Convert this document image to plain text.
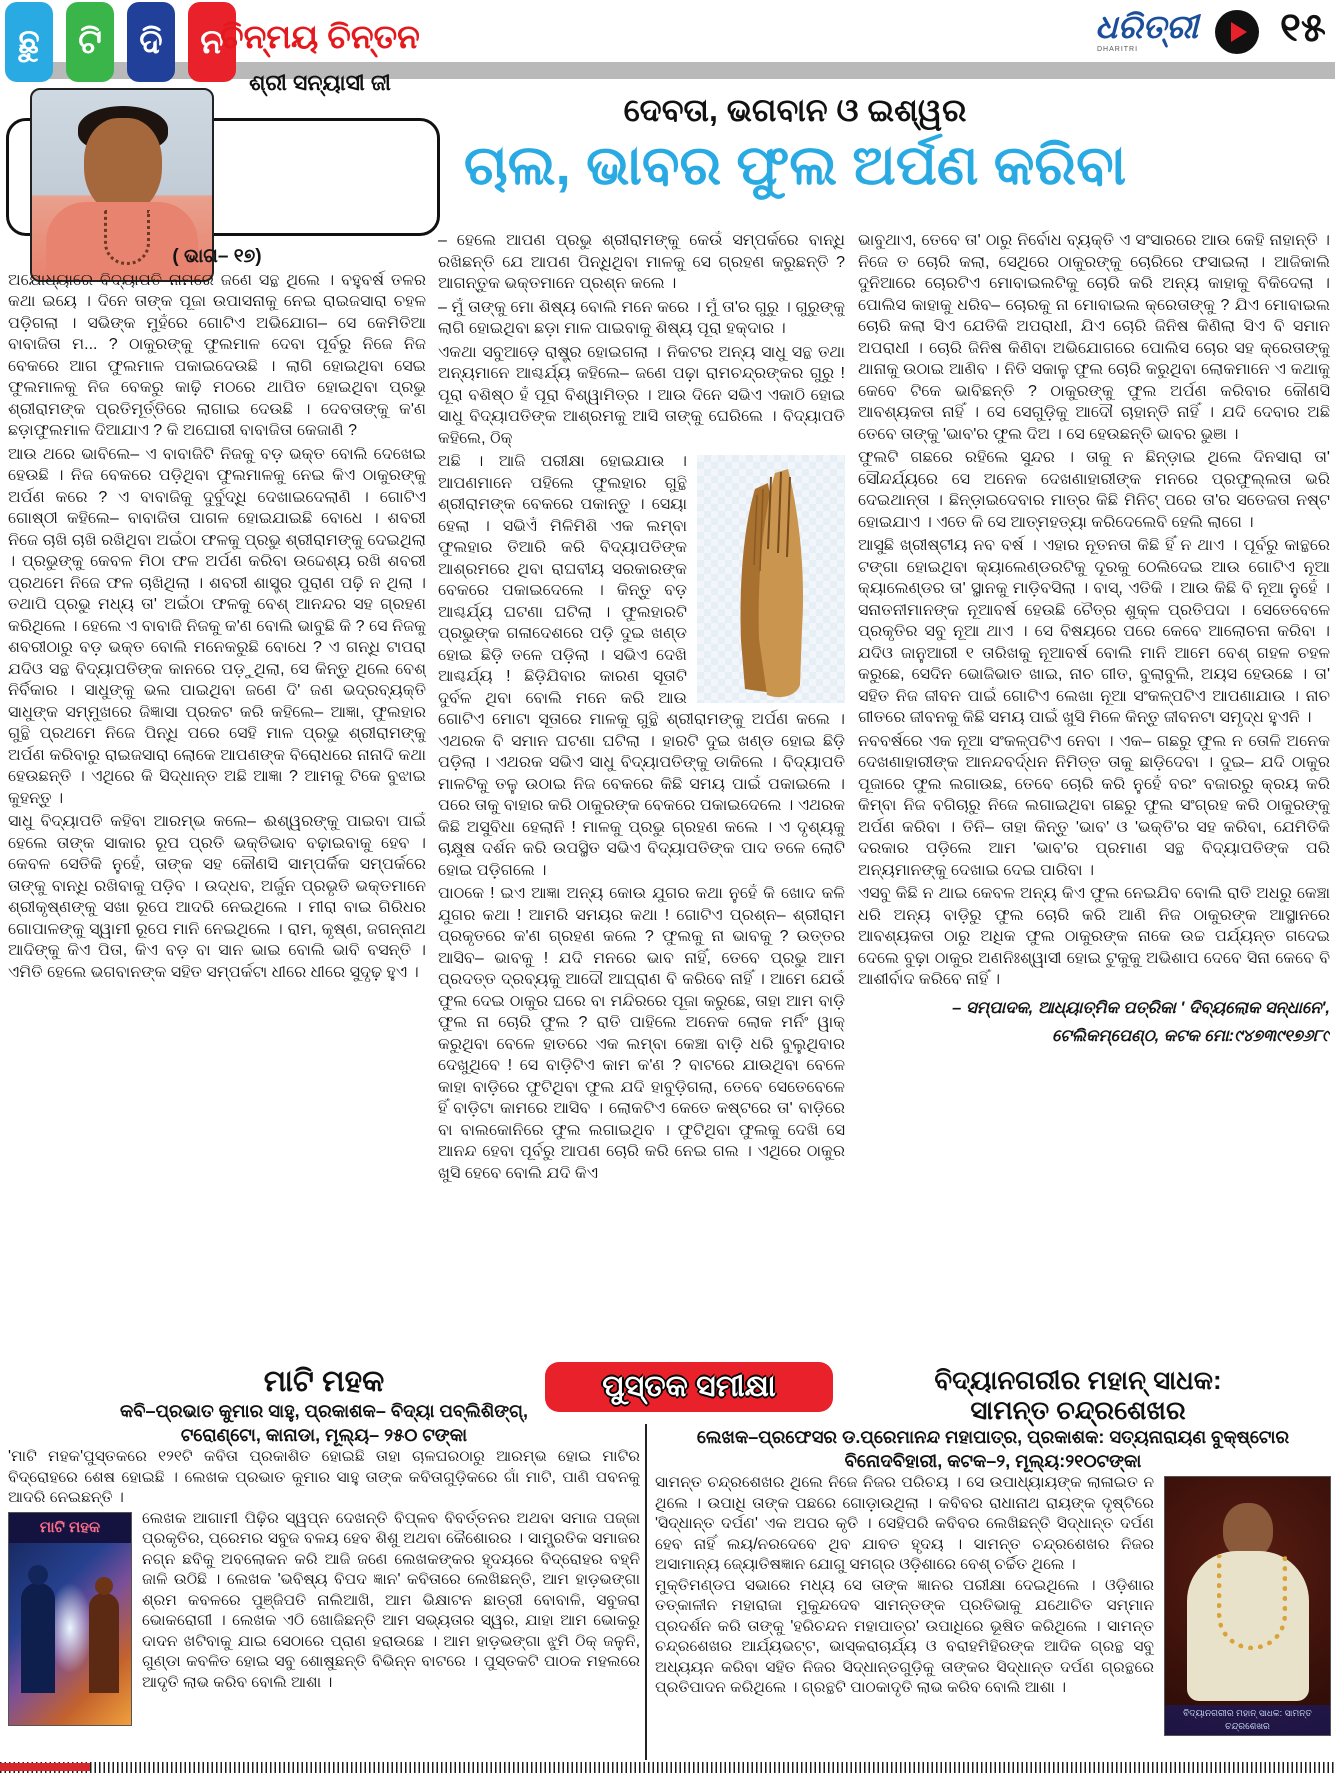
ଛୁ ଟି ଦି ନ	ଧରିତ୍ରୀ
DHARITRI	୧୫
ଚିନ୍ମୟ ଚିନ୍ତନ
ଶ୍ରୀ ସନ୍ୟାସୀ ଜୀ
ଦେବତା, ଭଗବାନ ଓ ଇଶ୍ୱର
ଚାଲ, ଭାବର ଫୁଲ ଅର୍ପଣ କରିବା

( ଭାଗ– ୧୭)

ଅଯୋଧ୍ୟାରେ ବିଦ୍ୟାପତି ନାମରେ ଜଣେ ସନ୍ଥ ଥିଲେ । ବହୁବର୍ଷ ତଳର କଥା ଇୟେ । ଦିନେ ତାଙ୍କ ପୂଜା ଉପାସନାକୁ ନେଇ ରାଇଜସାରା ଚହଳ ପଡ଼ିଗଲା । ସଭିଙ୍କ ମୁହଁରେ ଗୋଟିଏ ଅଭିଯୋଗ– ସେ କେମିତିଆ ବାବାଜିତା ମ... ? ଠାକୁରଙ୍କୁ ଫୁଲମାଳ ଦେବା ପୂର୍ବରୁ ନିଜେ ନିଜ ବେକରେ ଆଗ ଫୁଲମାଳ ପକାଇଦେଉଛି । ଲାଗି ହୋଇଥିବା ସେଇ ଫୁଲମାଳକୁ ନିଜ ବେକରୁ କାଢ଼ି ମଠରେ ଥାପିତ ହୋଇଥିବା ପ୍ରଭୁ ଶ୍ରୀରାମଙ୍କ ପ୍ରତିମୂର୍ତ୍ତିରେ ଲାଗାଇ ଦେଉଛି । ଦେବତାଙ୍କୁ କ'ଣ ଛଡ଼ାଫୁଲମାଳ ଦିଆଯାଏ ? କି ଅଘୋରୀ ବାବାଜିତା କେଜାଣି ?

ଆଉ ଥରେ ଭାବିଲେ– ଏ ବାବାଜିଟି ନିଜକୁ ବଡ଼ ଭକ୍ତ ବୋଲି ଦେଖେଇ ହେଉଛି । ନିଜ ବେକରେ ପଡ଼ିଥିବା ଫୁଲମାଳକୁ ନେଇ କିଏ ଠାକୁରଙ୍କୁ ଅର୍ପଣ କରେ ? ଏ ବାବାଜିକୁ ଦୁର୍ବୁଦ୍ଧି ଦେଖାଇଦେଲାଣି । ଗୋଟିଏ ଗୋଷ୍ଠୀ କହିଲେ– ବାବାଜିତା ପାଗଳ ହୋଇଯାଇଛି ବୋଧେ । ଶବରୀ ନିଜେ ଚାଖି ଚାଖି ରଖିଥିବା ଅଇଁଠା ଫଳକୁ ପ୍ରଭୁ ଶ୍ରୀରାମଙ୍କୁ ଦେଇଥିଲା । ପ୍ରଭୁଙ୍କୁ କେବଳ ମିଠା ଫଳ ଅର୍ପଣ କରିବା ଉଦ୍ଦେଶ୍ୟ ରଖି ଶବରୀ ପ୍ରଥମେ ନିଜେ ଫଳ ଚାଖିଥିଲା । ଶବରୀ ଶାସ୍ତ୍ର ପୁରାଣ ପଢ଼ି ନ ଥିଲା । ତଥାପି ପ୍ରଭୁ ମଧ୍ୟ ତା' ଅଇଁଠା ଫଳକୁ ବେଶ୍ ଆନନ୍ଦର ସହ ଗ୍ରହଣ କରିଥିଲେ । ହେଲେ ଏ ବାବାଜି ନିଜକୁ କ'ଣ ବୋଲି ଭାବୁଛି କି ? ସେ ନିଜକୁ ଶବରୀଠାରୁ ବଡ଼ ଭକ୍ତ ବୋଲି ମନେକରୁଛି ବୋଧେ ? ଏ ଗନ୍ଧି ଟାପରା ଯଦିଓ ସନ୍ଥ ବିଦ୍ୟାପତିଙ୍କ କାନରେ ପଡ଼ୁଥିଲା, ସେ କିନ୍ତୁ ଥିଲେ ବେଶ୍ ନିର୍ବିକାର । ସାଧୁଙ୍କୁ ଭଲ ପାଇଥିବା ଜଣେ ଦି' ଜଣ ଭଦ୍ରବ୍ୟକ୍ତି ସାଧୁଙ୍କ ସମ୍ମୁଖରେ ଜିଜ୍ଞାସା ପ୍ରକଟ କରି କହିଲେ– ଆଜ୍ଞା, ଫୁଲହାର ଗୁନ୍ଥି ପ୍ରଥମେ ନିଜେ ପିନ୍ଧି ପରେ ସେହି ମାଳ ପ୍ରଭୁ ଶ୍ରୀରାମଙ୍କୁ ଅର୍ପଣ କରିବାରୁ ରାଇଜସାରା ଲୋକେ ଆପଣଙ୍କ ବିରୋଧରେ ନାନାଦି କଥା ହେଉଛନ୍ତି । ଏଥିରେ କି ସିଦ୍ଧାନ୍ତ ଅଛି ଆଜ୍ଞା ? ଆମକୁ ଟିକେ ବୁଝାଇ କୁହନ୍ତୁ ।

ସାଧୁ ବିଦ୍ୟାପତି କହିବା ଆରମ୍ଭ କଲେ– ଈଶ୍ୱରଙ୍କୁ ପାଇବା ପାଇଁ ହେଲେ ତାଙ୍କ ସାକାର ରୂପ ପ୍ରତି ଭକ୍ତିଭାବ ବଢ଼ାଇବାକୁ ହେବ । କେବଳ ସେତିକି ନୁହେଁ, ତାଙ୍କ ସହ କୌଣସି ସାମ୍ପର୍କିକ ସମ୍ପର୍କରେ ତାଙ୍କୁ ବାନ୍ଧି ରଖିବାକୁ ପଡ଼ିବ । ଉଦ୍ଧବ, ଅର୍ଜୁନ ପ୍ରଭୃତି ଭକ୍ତମାନେ ଶ୍ରୀକୃଷ୍ଣଙ୍କୁ ସଖା ରୂପେ ଆଦରି ନେଇଥିଲେ । ମୀରା ବାଇ ଗିରିଧର ଗୋପାଳଙ୍କୁ ସ୍ୱାମୀ ରୂପେ ମାନି ନେଇଥିଲେ । ରାମ, କୃଷ୍ଣ, ଜଗନ୍ନାଥ ଆଦିଙ୍କୁ କିଏ ପିତା, କିଏ ବଡ଼ ବା ସାନ ଭାଇ ବୋଲି ଭାବି ବସନ୍ତି । ଏମିତି ହେଲେ ଭଗବାନଙ୍କ ସହିତ ସମ୍ପର୍କଟା ଧୀରେ ଧୀରେ ସୁଦୃଢ଼ ହୁଏ ।

– ହେଲେ ଆପଣ ପ୍ରଭୁ ଶ୍ରୀରାମଙ୍କୁ କେଉଁ ସମ୍ପର୍କରେ ବାନ୍ଧି ରଖିଛନ୍ତି ଯେ ଆପଣ ପିନ୍ଧିଥିବା ମାଳକୁ ସେ ଗ୍ରହଣ କରୁଛନ୍ତି ? ଆଗନ୍ତୁକ ଭକ୍ତମାନେ ପ୍ରଶ୍ନ କଲେ ।

– ମୁଁ ତାଙ୍କୁ ମୋ ଶିଷ୍ୟ ବୋଲି ମନେ କରେ । ମୁଁ ତା'ର ଗୁରୁ । ଗୁରୁଙ୍କୁ ଲାଗି ହୋଇଥିବା ଛଡ଼ା ମାଳ ପାଇବାକୁ ଶିଷ୍ୟ ପୂରା ହକ୍‌ଦାର ।

ଏକଥା ସବୁଆଡ଼େ ରାଷ୍ଟ୍ର ହୋଇଗଲା । ନିକଟର ଅନ୍ୟ ସାଧୁ ସନ୍ଥ ତଥା ଅନ୍ୟମାନେ ଆଶ୍ଚର୍ଯ୍ୟ କହିଲେ– ଜଣେ ପଢ଼ା ରାମଚନ୍ଦ୍ରଙ୍କର ଗୁରୁ ! ପୂରା ବଶିଷ୍ଠ ହଁ ପୂରା ବିଶ୍ୱାମିତ୍ର । ଆଉ ଦିନେ ସଭିଏ ଏକାଠି ହୋଇ ସାଧୁ ବିଦ୍ୟାପତିଙ୍କ ଆଶ୍ରମକୁ ଆସି ତାଙ୍କୁ ଘେରିଲେ । ବିଦ୍ୟାପତି କହିଲେ, ଠିକ୍

ଅଛି । ଆଜି ପରୀକ୍ଷା ହୋଇଯାଉ । ଆପଣମାନେ ପହିଲେ ଫୁଲହାର ଗୁନ୍ଥି ଶ୍ରୀରାମଙ୍କ ବେକରେ ପକାନ୍ତୁ । ସେୟା ହେଲା । ସଭିଏଁ ମିଳିମିଶି ଏକ ଲମ୍ବା ଫୁଲହାର ତିଆରି କରି ବିଦ୍ୟାପତିଙ୍କ ଆଶ୍ରମରେ ଥିବା ରାଘବୀୟ ସରକାରଙ୍କ ବେକରେ ପକାଇଦେଲେ । କିନ୍ତୁ ବଡ଼ ଆଶ୍ଚର୍ଯ୍ୟ ଘଟଣା ଘଟିଲା । ଫୁଲହାରଟି ପ୍ରଭୁଙ୍କ ଗଳାଦେଶରେ ପଡ଼ି ଦୁଇ ଖଣ୍ଡ ହୋଇ ଛିଡ଼ି ତଳେ ପଡ଼ିଲା । ସଭିଏ ଦେଖି ଆଶ୍ଚର୍ଯ୍ୟ ! ଛିଡ଼ିଯିବାର କାରଣ ସୂତାଟି ଦୁର୍ବଳ ଥିବା ବୋଲି ମନେ କରି ଆଉ ଗୋଟିଏ ମୋଟା ସୂତାରେ ମାଳକୁ ଗୁନ୍ଥି ଶ୍ରୀରାମଙ୍କୁ ଅର୍ପଣ କଲେ । ଏଥରକ ବି ସମାନ ଘଟଣା ଘଟିଲା । ହାରଟି ଦୁଇ ଖଣ୍ଡ ହୋଇ ଛିଡ଼ି ପଡ଼ିଲା । ଏଥରକ ସଭିଏ ସାଧୁ ବିଦ୍ୟାପତିଙ୍କୁ ଡାକିଲେ । ବିଦ୍ୟାପତି ମାଳଟିକୁ ତଳୁ ଉଠାଇ ନିଜ ବେକରେ କିଛି ସମୟ ପାଇଁ ପକାଇଲେ । ପରେ ତାକୁ ବାହାର କରି ଠାକୁରଙ୍କ ବେକରେ ପକାଇଦେଲେ । ଏଥରକ କିଛି ଅସୁବିଧା ହେଲାନି ! ମାଳକୁ ପ୍ରଭୁ ଗ୍ରହଣ କଲେ । ଏ ଦୃଶ୍ୟକୁ ଚାକ୍ଷୁଷ ଦର୍ଶନ କରି ଉପସ୍ଥିତ ସଭିଏ ବିଦ୍ୟାପତିଙ୍କ ପାଦ ତଳେ ଲୋଟି ହୋଇ ପଡ଼ିଗଲେ ।

ପାଠକେ ! ଇଏ ଆଜ୍ଞା ଅନ୍ୟ କୋଉ ଯୁଗର କଥା ନୁହେଁ କି ଖୋଦ କଳି ଯୁଗର କଥା ! ଆମରି ସମୟର କଥା ! ଗୋଟିଏ ପ୍ରଶ୍ନ– ଶ୍ରୀରାମ ପ୍ରକୃତରେ କ'ଣ ଗ୍ରହଣ କଲେ ? ଫୁଲକୁ ନା ଭାବକୁ ? ଉତ୍ତର ଆସିବ– ଭାବକୁ ! ଯଦି ମନରେ ଭାବ ନାହିଁ, ତେବେ ପ୍ରଭୁ ଆମ ପ୍ରଦତ୍ତ ଦ୍ରବ୍ୟକୁ ଆଦୌ ଆଘ୍ରାଣ ବି କରିବେ ନାହିଁ । ଆମେ ଯେଉଁ ଫୁଲ ଦେଇ ଠାକୁର ଘରେ ବା ମନ୍ଦିରରେ ପୂଜା କରୁଛେ, ତାହା ଆମ ବାଡ଼ି ଫୁଲ ନା ଚୋରି ଫୁଲ ? ରାତି ପାହିଲେ ଅନେକ ଲୋକ ମର୍ନିଂ ୱାକ୍ କରୁଥିବା ବେଳେ ହାତରେ ଏକ ଲମ୍ବା କେଞ୍ଚା ବାଡ଼ି ଧରି ବୁଲୁଥିବାର ଦେଖୁଥିବେ ! ସେ ବାଡ଼ିଟିଏ କାମ କ'ଣ ? ବାଟରେ ଯାଉଥିବା ବେଳେ କାହା ବାଡ଼ିରେ ଫୁଟିଥିବା ଫୁଲ ଯଦି ହାବୁଡ଼ିଗଲା, ତେବେ ସେତେବେଳେ ହିଁ ବାଡ଼ିଟା କାମରେ ଆସିବ । ଲୋକଟିଏ କେତେ କଷ୍ଟରେ ତା' ବାଡ଼ିରେ ବା ବାଲକୋନିରେ ଫୁଲ ଲଗାଇଥିବ । ଫୁଟିଥିବା ଫୁଲକୁ ଦେଖି ସେ ଆନନ୍ଦ ହେବା ପୂର୍ବରୁ ଆପଣ ଚୋରି କରି ନେଇ ଗଲ । ଏଥିରେ ଠାକୁର ଖୁସି ହେବେ ବୋଲି ଯଦି କିଏ

ଭାବୁଥାଏ, ତେବେ ତା' ଠାରୁ ନିର୍ବୋଧ ବ୍ୟକ୍ତି ଏ ସଂସାରରେ ଆଉ କେହି ନାହାନ୍ତି । ନିଜେ ତ ଚୋରି କଲା, ସେଥିରେ ଠାକୁରଙ୍କୁ ଚୋରିରେ ଫସାଇଲା । ଆଜିକାଲି ଦୁନିଆରେ ଚୋରଟିଏ ମୋବାଇଲଟିକୁ ଚୋରି କରି ଅନ୍ୟ କାହାକୁ ବିକିଦେଲା । ପୋଲିସ କାହାକୁ ଧରିବ– ଚୋରକୁ ନା ମୋବାଇଲ କ୍ରେତାଙ୍କୁ ? ଯିଏ ମୋବାଇଲ ଚୋରି କଲା ସିଏ ଯେତିକି ଅପରାଧୀ, ଯିଏ ଚୋରି ଜିନିଷ କିଣିଲା ସିଏ ବି ସମାନ ଅପରାଧୀ । ଚୋରି ଜିନିଷ କିଣିବା ଅଭିଯୋଗରେ ପୋଲିସ ଚୋର ସହ କ୍ରେତାଙ୍କୁ ଥାନାକୁ ଉଠାଇ ଆଣିବ । ନିତି ସକାଳୁ ଫୁଲ ଚୋରି କରୁଥିବା ଲୋକମାନେ ଏ କଥାକୁ କେବେ ଟିକେ ଭାବିଛନ୍ତି ? ଠାକୁରଙ୍କୁ ଫୁଲ ଅର୍ପଣ କରିବାର କୌଣସି ଆବଶ୍ୟକତା ନାହିଁ । ସେ ସେଗୁଡ଼ିକୁ ଆଦୌ ଚାହାନ୍ତି ନାହିଁ । ଯଦି ଦେବାର ଅଛି ତେବେ ତାଙ୍କୁ 'ଭାବ'ର ଫୁଲ ଦିଅ । ସେ ହେଉଛନ୍ତି ଭାବର ଭୁଞା ।

ଫୁଲଟି ଗଛରେ ରହିଲେ ସୁନ୍ଦର । ତାକୁ ନ ଛିନ୍ଡ଼ାଇ ଥିଲେ ଦିନସାରା ତା' ସୌନ୍ଦର୍ଯ୍ୟରେ ସେ ଅନେକ ଦେଖଣାହାରୀଙ୍କ ମନରେ ପ୍ରଫୁଲ୍ଲତା ଭରି ଦେଇଥାନ୍ତା । ଛିନ୍ଡ଼ାଇଦେବାର ମାତ୍ର କିଛି ମିନିଟ୍ ପରେ ତା'ର ସତେଜତା ନଷ୍ଟ ହୋଇଯାଏ । ଏତେ କି ସେ ଆତ୍ମହତ୍ୟା କରିଦେଲେବି ହେଲି ଲାଗେ ।

ଆସୁଛି ଖ୍ରୀଷ୍ଟୀୟ ନବ ବର୍ଷ । ଏହାର ନୂତନତା କିଛି ହିଁ ନ ଥାଏ । ପୂର୍ବରୁ କାନ୍ଥରେ ଟଙ୍ଗା ହୋଇଥିବା କ୍ୟାଲେଣ୍ଡରଟିକୁ ଦୂରକୁ ଠେଲିଦେଇ ଆଉ ଗୋଟିଏ ନୂଆ କ୍ୟାଲେଣ୍ଡର ତା' ସ୍ଥାନକୁ ମାଡ଼ିବସିଲା । ବାସ୍, ଏତିକି । ଆଉ କିଛି ବି ନୂଆ ନୁହେଁ । ସନାତନୀମାନଙ୍କ ନୂଆବର୍ଷ ହେଉଛି ଚୈତ୍ର ଶୁକ୍ଳ ପ୍ରତିପଦା । ସେତେବେଳେ ପ୍ରକୃତିର ସବୁ ନୂଆ ଥାଏ । ସେ ବିଷୟରେ ପରେ କେବେ ଆଲୋଚନା କରିବା । ଯଦିଓ ଜାନୁଆରୀ ୧ ତାରିଖକୁ ନୂଆବର୍ଷ ବୋଲି ମାନି ଆମେ ବେଶ୍ ଗହଳ ଚହଳ କରୁଛେ, ସେଦିନ ଭୋଜିଭାତ ଖାଇ, ନାଚ ଗୀତ, ବୁଲାବୁଲି, ଅୟସ ହେଉଛେ । ତା' ସହିତ ନିଜ ଜୀବନ ପାଇଁ ଗୋଟିଏ ଲେଖା ନୂଆ ସଂକଳ୍ପଟିଏ ଆପଣାଯାଉ । ନାଚ ଗୀତରେ ଜୀବନକୁ କିଛି ସମୟ ପାଇଁ ଖୁସି ମିଳେ କିନ୍ତୁ ଜୀବନଟା ସମୃଦ୍ଧ ହୁଏନି ।

ନବବର୍ଷରେ ଏକ ନୂଆ ସଂକଳ୍ପଟିଏ ନେବା । ଏକ– ଗଛରୁ ଫୁଲ ନ ତୋଳି ଅନେକ ଦେଖଣାହାରୀଙ୍କ ଆନନ୍ଦବର୍ଦ୍ଧନ ନିମିତ୍ତ ତାକୁ ଛାଡ଼ିଦେବା । ଦୁଇ– ଯଦି ଠାକୁର ପୂଜାରେ ଫୁଲ ଲଗାଉଛ, ତେବେ ଚୋରି କରି ନୁହେଁ ବରଂ ବଜାରରୁ କ୍ରୟ କରି କିମ୍ବା ନିଜ ବଗିଚାରୁ ନିଜେ ଲଗାଇଥିବା ଗଛରୁ ଫୁଲ ସଂଗ୍ରହ କରି ଠାକୁରଙ୍କୁ ଅର୍ପଣ କରିବା । ତିନି– ତାହା କିନ୍ତୁ 'ଭାବ' ଓ 'ଭକ୍ତି'ର ସହ କରିବା, ଯେମିତିକି ଦରକାର ପଡ଼ିଲେ ଆମ 'ଭାବ'ର ପ୍ରମାଣ ସନ୍ଥ ବିଦ୍ୟାପତିଙ୍କ ପରି ଅନ୍ୟମାନଙ୍କୁ ଦେଖାଇ ଦେଇ ପାରିବା ।

ଏସବୁ କିଛି ନ ଥାଇ କେବଳ ଅନ୍ୟ କିଏ ଫୁଲ ନେଇଯିବ ବୋଲି ରାତି ଅଧରୁ କେଞ୍ଚା ଧରି ଅନ୍ୟ ବାଡ଼ିରୁ ଫୁଲ ଚୋରି କରି ଆଣି ନିଜ ଠାକୁରଙ୍କ ଆସ୍ଥାନରେ ଆବଶ୍ୟକତା ଠାରୁ ଅଧିକ ଫୁଲ ଠାକୁରଙ୍କ ନାକେ ଉଚ୍ଚ ପର୍ଯ୍ୟନ୍ତ ଗଦେଇ ଦେଲେ ବୁଢ଼ା ଠାକୁର ଅଣନିଃଶ୍ୱାସୀ ହୋଇ ଟୁକୁକୁ ଅଭିଶାପ ଦେବେ ସିନା କେବେ ବି ଆଶୀର୍ବାଦ କରିବେ ନାହିଁ ।

– ସମ୍ପାଦକ, ଆଧ୍ୟାତ୍ମିକ ପତ୍ରିକା ' ଦିବ୍ୟଲୋକ ସନ୍ଧାନେ',
ଟେଲିକମ୍‌ପେଣ୍ଠ, କଟକ ମୋ:୯୪୭୩୯୧୭୬୮୯
ପୁସ୍ତକ ସମୀକ୍ଷା

ମାଟି ମହକ

କବି–ପ୍ରଭାତ କୁମାର ସାହୁ, ପ୍ରକାଶକ– ବିଦ୍ୟା ପବ୍ଲିଶିଙ୍ଗ୍,

ଟରୋଣ୍ଟୋ, କାନାଡା, ମୂଲ୍ୟ– ୨୫୦ ଟଙ୍କା

'ମାଟି ମହକ'ପୁସ୍ତକରେ ୧୨୧ଟି କବିତା ପ୍ରକାଶିତ ହୋଇଛି ତାହା ଚାଳଘରଠାରୁ ଆରମ୍ଭ ହୋଇ ମାଟିର ବିଦ୍ରୋହରେ ଶେଷ ହୋଇଛି । ଲେଖକ ପ୍ରଭାତ କୁମାର ସାହୁ ତାଙ୍କ କବିତାଗୁଡ଼ିକରେ ଗାଁ ମାଟି, ପାଣି ପବନକୁ ଆଦରି ନେଇଛନ୍ତି ।

ମାଟି ମହକ

ଲେଖକ ଆଗାମୀ ପିଢ଼ିର ସ୍ୱପ୍ନ ଦେଖନ୍ତି ବିପ୍ଳବ ବିବର୍ତ୍ତନର ଅଥବା ସମାଜ ପଜ୍ଜା ପ୍ରକୃତିର, ପ୍ରେମର ସବୁଜ ବଳୟ ହେବ ଶିଶୁ ଅଥବା କୈଶୋରର । ସାମ୍ପ୍ରତିକ ସମାଜର ନଗ୍ନ ଛବିକୁ ଅବଲୋକନ କରି ଆଜି ଜଣେ ଲେଖକଙ୍କର ହୃଦୟରେ ବିଦ୍ରୋହର ବହ୍ନି ଜାଳି ଉଠିଛି । ଲେଖକ 'ଭବିଷ୍ୟ ବିପଦ ଜ୍ଞାନ' କବିତାରେ ଲେଖିଛନ୍ତି, ଆମ ହାଡ଼ଭଙ୍ଗା ଶ୍ରମ କବଳରେ ପୁଞ୍ଜିପତି ନାଲିଆଖି, ଆମ ଭିକ୍ଷାଟନ ଛାତ୍ରୀ ବୋବାଳି, ସବୁଜରା ଭୋକରୋଗୀ । ଲେଖକ ଏଠି ଖୋଜିଛନ୍ତି ଆମ ସଭ୍ୟତାର ସ୍ୱର, ଯାହା ଆମ ଭୋକରୁ ଦାଦନ ଖଟିବାକୁ ଯାଇ ସେଠାରେ ପ୍ରାଣ ହରାଉଛେ । ଆମ ହାଡ଼ଭଙ୍ଗା ଝୁମି ଠିକ୍ ଜଳୁନି, ଗୁଣ୍ଡା କବଳିତ ହୋଇ ସବୁ ଶୋଷୁଛନ୍ତି ବିଭିନ୍ନ ବାଟରେ । ପୁସ୍ତକଟି ପାଠକ ମହଲରେ ଆଦୃତି ଲାଭ କରିବ ବୋଲି ଆଶା ।

ବିଦ୍ୟାନଗରୀର ମହାନ୍ ସାଧକ:

ସାମନ୍ତ ଚନ୍ଦ୍ରଶେଖର

ଲେଖକ–ପ୍ରଫେସର ଡ.ପ୍ରେମାନନ୍ଦ ମହାପାତ୍ର, ପ୍ରକାଶକ: ସତ୍ୟନାରାୟଣ ବୁକ୍‌ଷ୍ଟୋର

ବିନୋଦବିହାରୀ, କଟକ–୨, ମୂଲ୍ୟ:୨୧୦ଟଙ୍କା

ବିଦ୍ୟାନଗରୀର ମହାନ୍ ସାଧକ: ସାମନ୍ତ ଚନ୍ଦ୍ରଶେଖର

ସାମନ୍ତ ଚନ୍ଦ୍ରଶେଖର ଥିଲେ ନିଜେ ନିଜର ପରିଚୟ । ସେ ଉପାଧ୍ୟାୟଙ୍କ ଲାଳାଇତ ନ ଥିଲେ । ଉପାଧି ତାଙ୍କ ପଛରେ ଗୋଡ଼ାଉଥିଲା । କବିବର ରାଧାନାଥ ରାୟଙ୍କ ଦୃଷ୍ଟିରେ 'ସିଦ୍ଧାନ୍ତ ଦର୍ପଣ' ଏକ ଅପର କୃତି । ସେହିପରି କବିବର ଲେଖିଛନ୍ତି ସିଦ୍ଧାନ୍ତ ଦର୍ପଣ ହେବ ନାହିଁ ଲୟ/ନରଦେବେ ଥିବ ଯାବତ ହୃଦୟ । ସାମନ୍ତ ଚନ୍ଦ୍ରଶେଖର ନିଜର ଅସାମାନ୍ୟ ଜ୍ୟୋତିଷଜ୍ଞାନ ଯୋଗୁ ସମଗ୍ର ଓଡ଼ିଶାରେ ବେଶ୍ ଚର୍ଚ୍ଚିତ ଥିଲେ ।

ମୁକ୍ତିମଣ୍ଡପ ସଭାରେ ମଧ୍ୟ ସେ ତାଙ୍କ ଜ୍ଞାନର ପରୀକ୍ଷା ଦେଇଥିଲେ । ଓଡ଼ିଶାର ତତ୍କାଳୀନ ମହାରାଜା ମୁକୁନ୍ଦଦେବ ସାମନ୍ତଙ୍କ ପ୍ରତିଭାକୁ ଯଥୋଚିତ ସମ୍ମାନ ପ୍ରଦର୍ଶନ କରି ତାଙ୍କୁ 'ହରିଚନ୍ଦନ ମହାପାତ୍ର' ଉପାଧିରେ ଭୂଷିତ କରିଥିଲେ । ସାମନ୍ତ ଚନ୍ଦ୍ରଶେଖର ଆର୍ଯ୍ୟଭଟ୍ଟ, ଭାସ୍କରାଚାର୍ଯ୍ୟ ଓ ବରାହମିହିରଙ୍କ ଆଦିକ ଗ୍ରନ୍ଥ ସବୁ ଅଧ୍ୟୟନ କରିବା ସହିତ ନିଜର ସିଦ୍ଧାନ୍ତଗୁଡ଼ିକୁ ତାଙ୍କର ସିଦ୍ଧାନ୍ତ ଦର୍ପଣ ଗ୍ରନ୍ଥରେ ପ୍ରତିପାଦନ କରିଥିଲେ । ଗ୍ରନ୍ଥଟି ପାଠକାଦୃତି ଲାଭ କରିବ ବୋଲି ଆଶା ।
